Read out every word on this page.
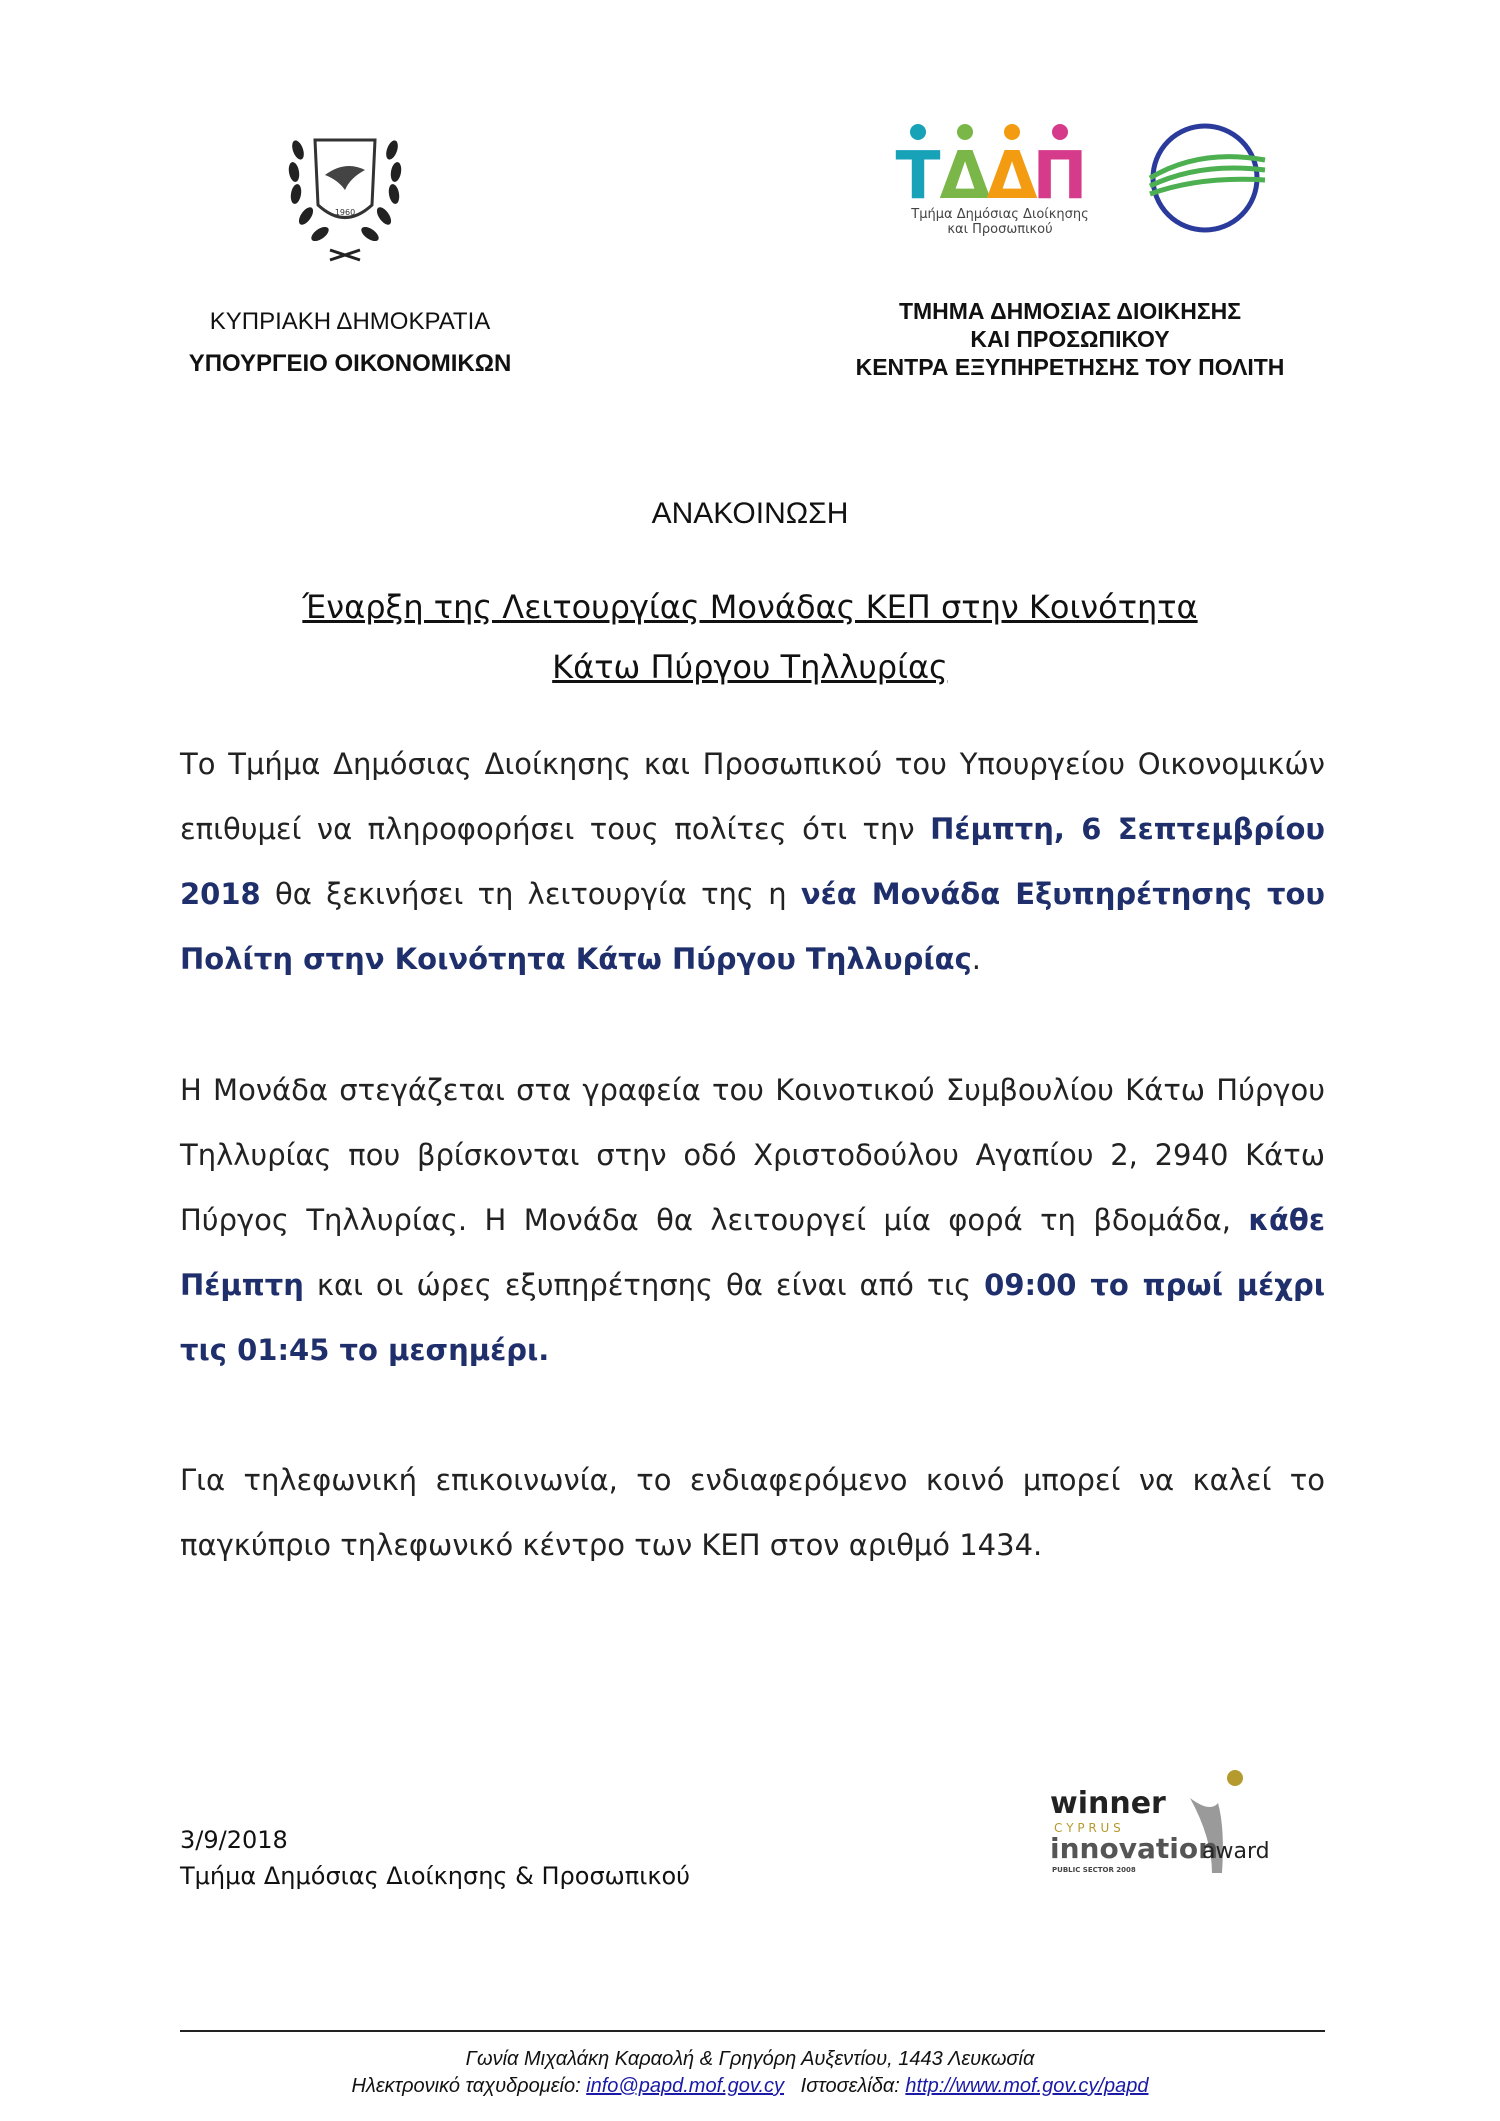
1960
ΚΥΠΡΙΑΚΗ ΔΗΜΟΚΡΑΤΙΑ
ΥΠΟΥΡΓΕΙΟ ΟΙΚΟΝΟΜΙΚΩΝ
Τ
Δ
Δ
Π
Τμήμα Δημόσιας Διοίκησης
και Προσωπικού
ΤΜΗΜΑ ΔΗΜΟΣΙΑΣ ΔΙΟΙΚΗΣΗΣ
ΚΑΙ ΠΡΟΣΩΠΙΚΟΥ
ΚΕΝΤΡΑ ΕΞΥΠΗΡΕΤΗΣΗΣ ΤΟΥ ΠΟΛΙΤΗ
ΑΝΑΚΟΙΝΩΣΗ
Έναρξη της Λειτουργίας Μονάδας ΚΕΠ στην Κοινότητα
Κάτω Πύργου Τηλλυρίας
Το Τμήμα Δημόσιας Διοίκησης και Προσωπικού του Υπουργείου Οικονομικών επιθυμεί να πληροφορήσει τους πολίτες ότι την Πέμπτη, 6 Σεπτεμβρίου 2018 θα ξεκινήσει τη λειτουργία της η νέα Μονάδα Εξυπηρέτησης του Πολίτη στην Κοινότητα Κάτω Πύργου Τηλλυρίας.
Η Μονάδα στεγάζεται στα γραφεία του Κοινοτικού Συμβουλίου Κάτω Πύργου Τηλλυρίας που βρίσκονται στην οδό Χριστοδούλου Αγαπίου 2, 2940 Κάτω Πύργος Τηλλυρίας. Η Μονάδα θα λειτουργεί μία φορά τη βδομάδα, κάθε Πέμπτη και οι ώρες εξυπηρέτησης θα είναι από τις 09:00 το πρωί μέχρι τις 01:45 το μεσημέρι.
Για τηλεφωνική επικοινωνία, το ενδιαφερόμενο κοινό μπορεί να καλεί το παγκύπριο τηλεφωνικό κέντρο των ΚΕΠ στον αριθμό 1434.
3/9/2018
Τμήμα Δημόσιας Διοίκησης & Προσωπικού
winner
C Y P R U S
innovation
award
PUBLIC SECTOR 2008
Γωνία Μιχαλάκη Καραολή & Γρηγόρη Αυξεντίου, 1443 Λευκωσία
Ηλεκτρονικό ταχυδρομείο: info@papd.mof.gov.cy   Ιστοσελίδα: http://www.mof.gov.cy/papd
